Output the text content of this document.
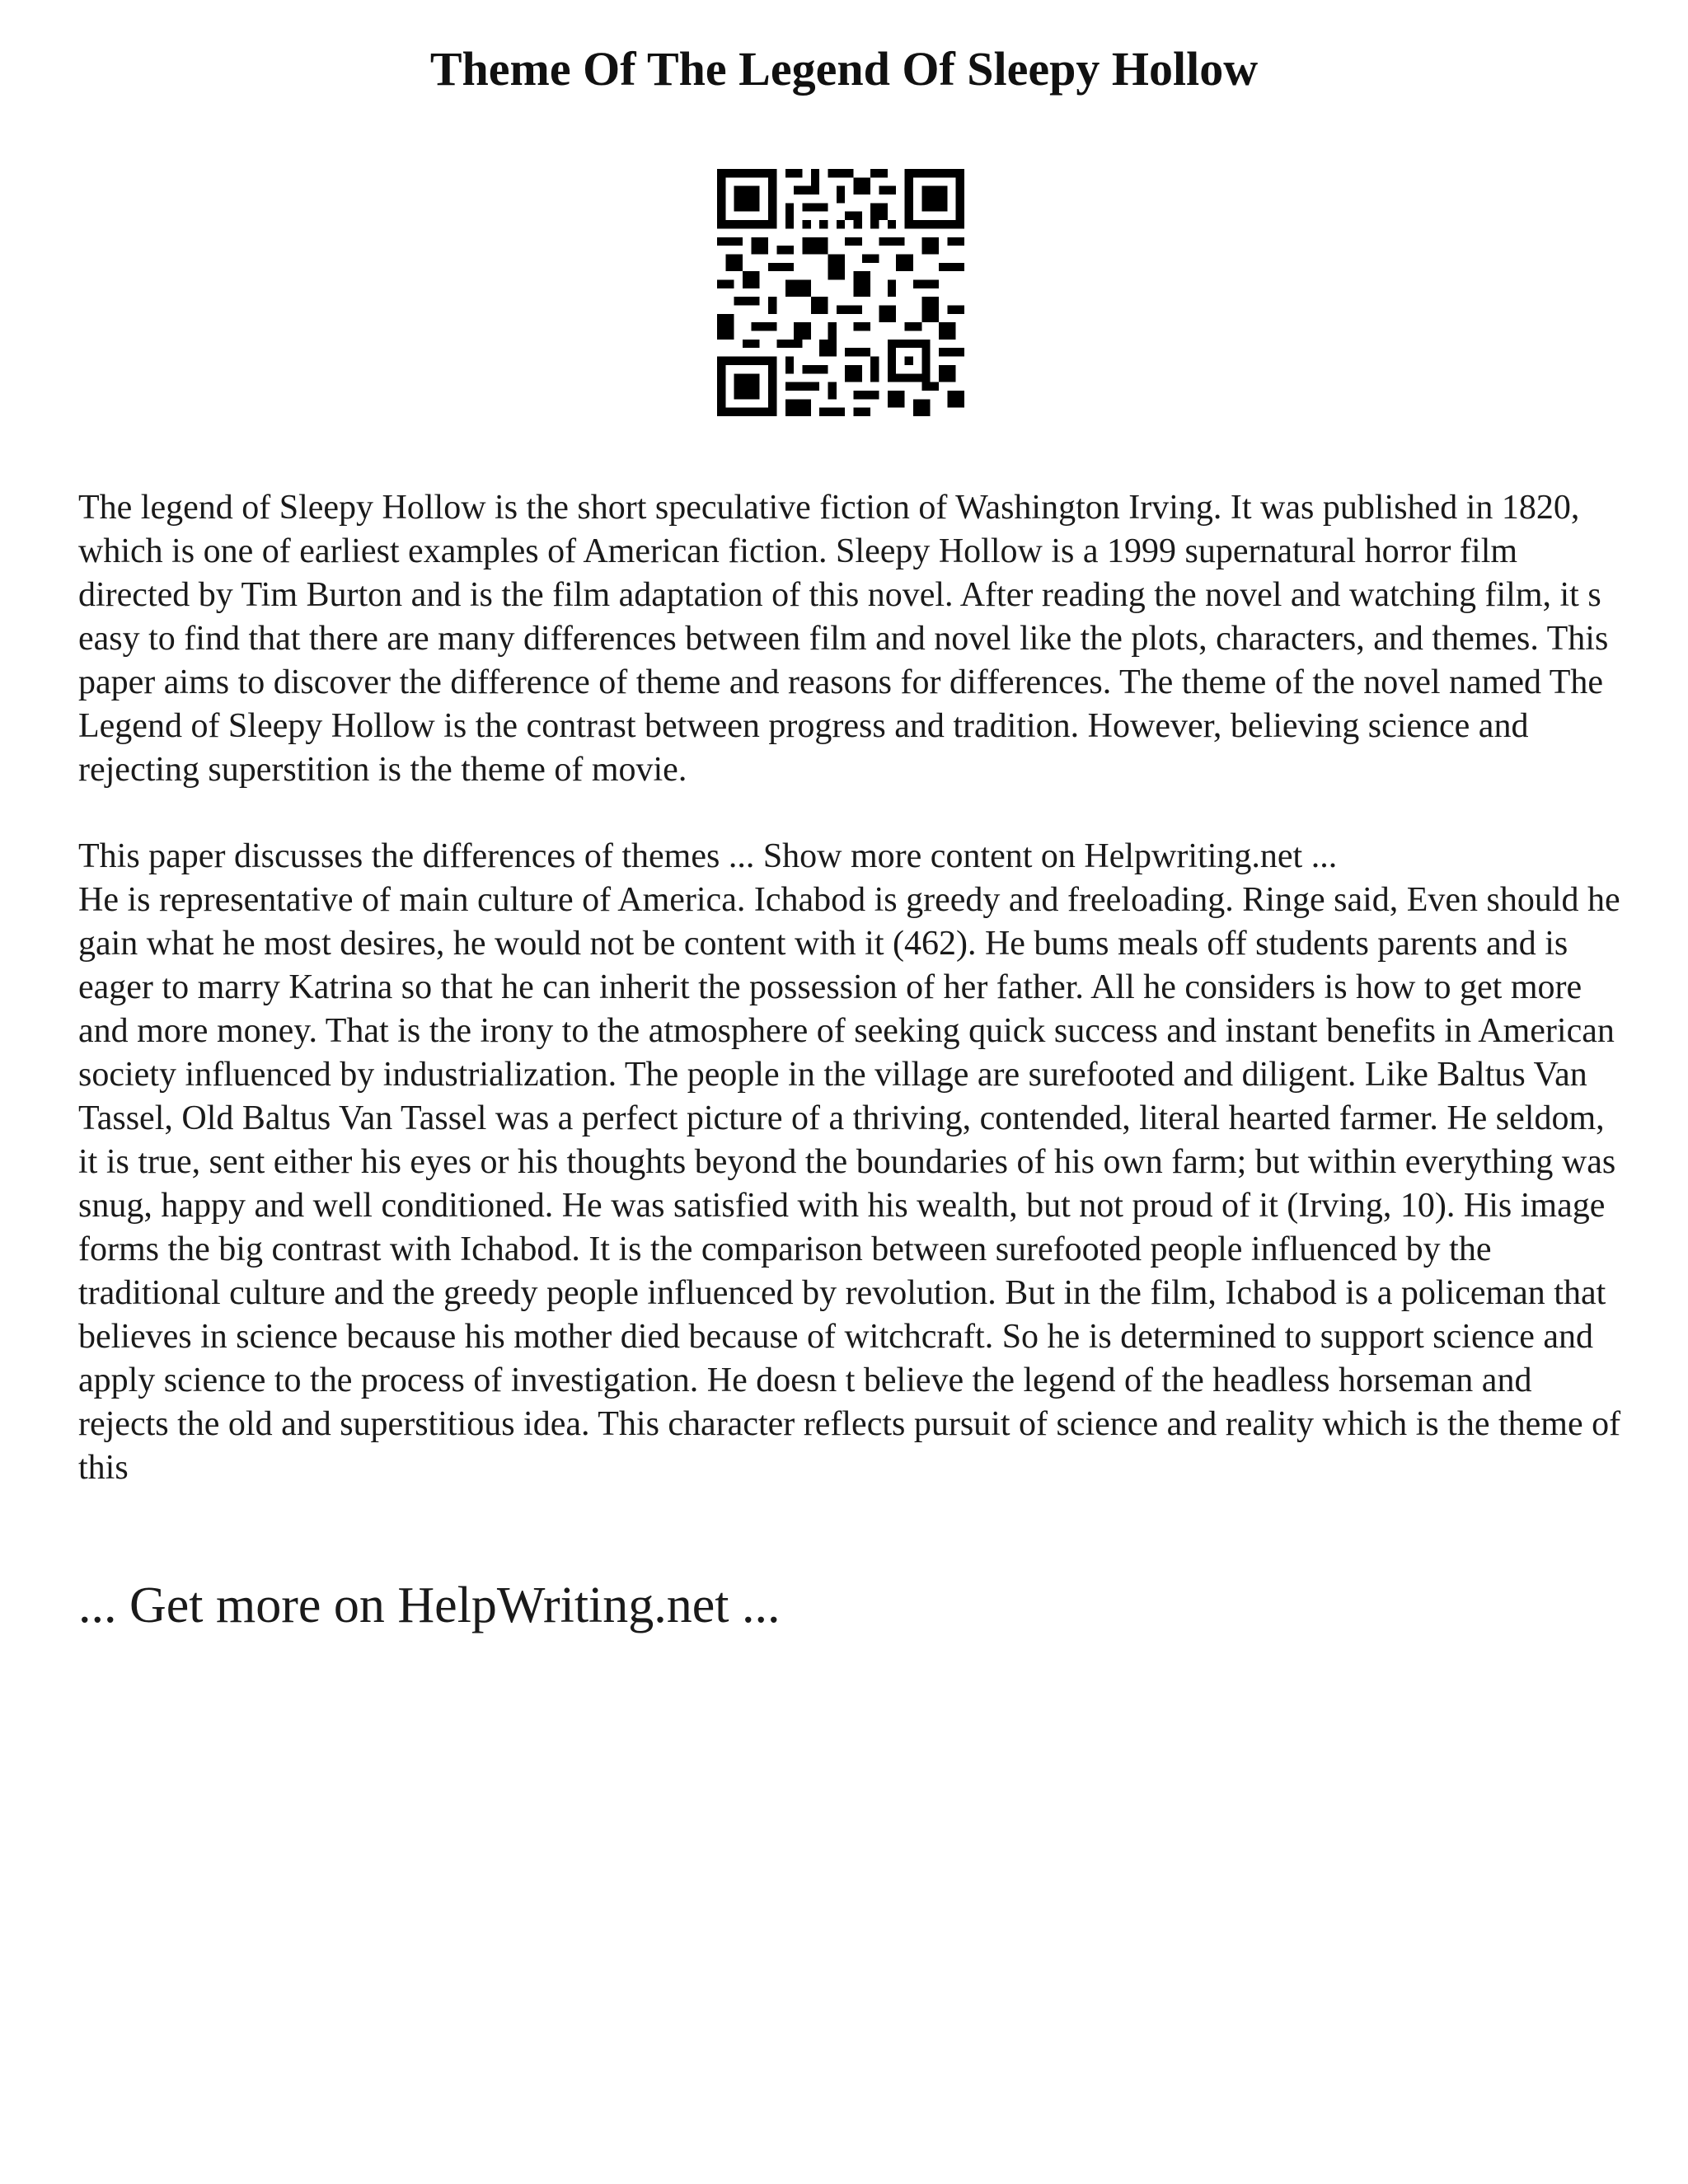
Theme Of The Legend Of Sleepy Hollow

The legend of Sleepy Hollow is the short speculative fiction of Washington Irving. It was published in 1820, which is one of earliest examples of American fiction. Sleepy Hollow is a 1999 supernatural horror film directed by Tim Burton and is the film adaptation of this novel. After reading the novel and watching film, it s easy to find that there are many differences between film and novel like the plots, characters, and themes. This paper aims to discover the difference of theme and reasons for differences. The theme of the novel named The Legend of Sleepy Hollow is the contrast between progress and tradition. However, believing science and rejecting superstition is the theme of movie.

This paper discusses the differences of themes ... Show more content on Helpwriting.net ...
He is representative of main culture of America. Ichabod is greedy and freeloading. Ringe said, Even should he gain what he most desires, he would not be content with it (462). He bums meals off students parents and is eager to marry Katrina so that he can inherit the possession of her father. All he considers is how to get more and more money. That is the irony to the atmosphere of seeking quick success and instant benefits in American society influenced by industrialization. The people in the village are surefooted and diligent. Like Baltus Van Tassel, Old Baltus Van Tassel was a perfect picture of a thriving, contended, literal hearted farmer. He seldom, it is true, sent either his eyes or his thoughts beyond the boundaries of his own farm; but within everything was snug, happy and well conditioned. He was satisfied with his wealth, but not proud of it (Irving, 10). His image forms the big contrast with Ichabod. It is the comparison between surefooted people influenced by the traditional culture and the greedy people influenced by revolution. But in the film, Ichabod is a policeman that believes in science because his mother died because of witchcraft. So he is determined to support science and apply science to the process of investigation. He doesn t believe the legend of the headless horseman and rejects the old and superstitious idea. This character reflects pursuit of science and reality which is the theme of this

... Get more on HelpWriting.net ...
